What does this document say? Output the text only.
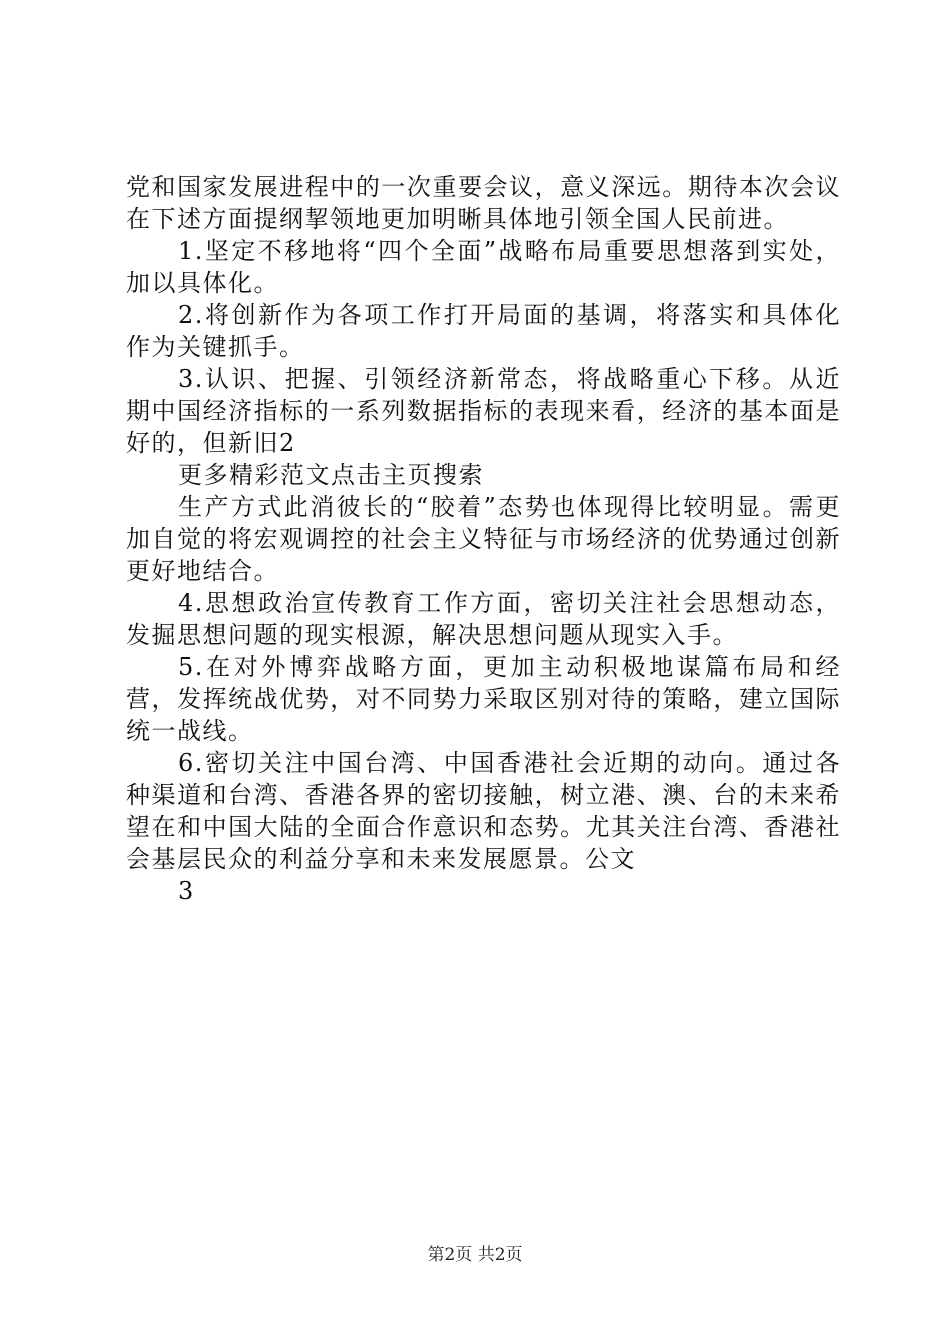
党和国家发展进程中的一次重要会议，意义深远。期待本次会议在下述方面提纲挈领地更加明晰具体地引领全国人民前进。

1.坚定不移地将“四个全面”战略布局重要思想落到实处，加以具体化。

2.将创新作为各项工作打开局面的基调，将落实和具体化作为关键抓手。

3.认识、把握、引领经济新常态，将战略重心下移。从近期中国经济指标的一系列数据指标的表现来看，经济的基本面是好的，但新旧2

更多精彩范文点击主页搜索

生产方式此消彼长的“胶着”态势也体现得比较明显。需更加自觉的将宏观调控的社会主义特征与市场经济的优势通过创新更好地结合。

4.思想政治宣传教育工作方面，密切关注社会思想动态，发掘思想问题的现实根源，解决思想问题从现实入手。

5.在对外博弈战略方面，更加主动积极地谋篇布局和经营，发挥统战优势，对不同势力采取区别对待的策略，建立国际统一战线。

6.密切关注中国台湾、中国香港社会近期的动向。通过各种渠道和台湾、香港各界的密切接触，树立港、澳、台的未来希望在和中国大陆的全面合作意识和态势。尤其关注台湾、香港社会基层民众的利益分享和未来发展愿景。公文

3

第2页 共2页
